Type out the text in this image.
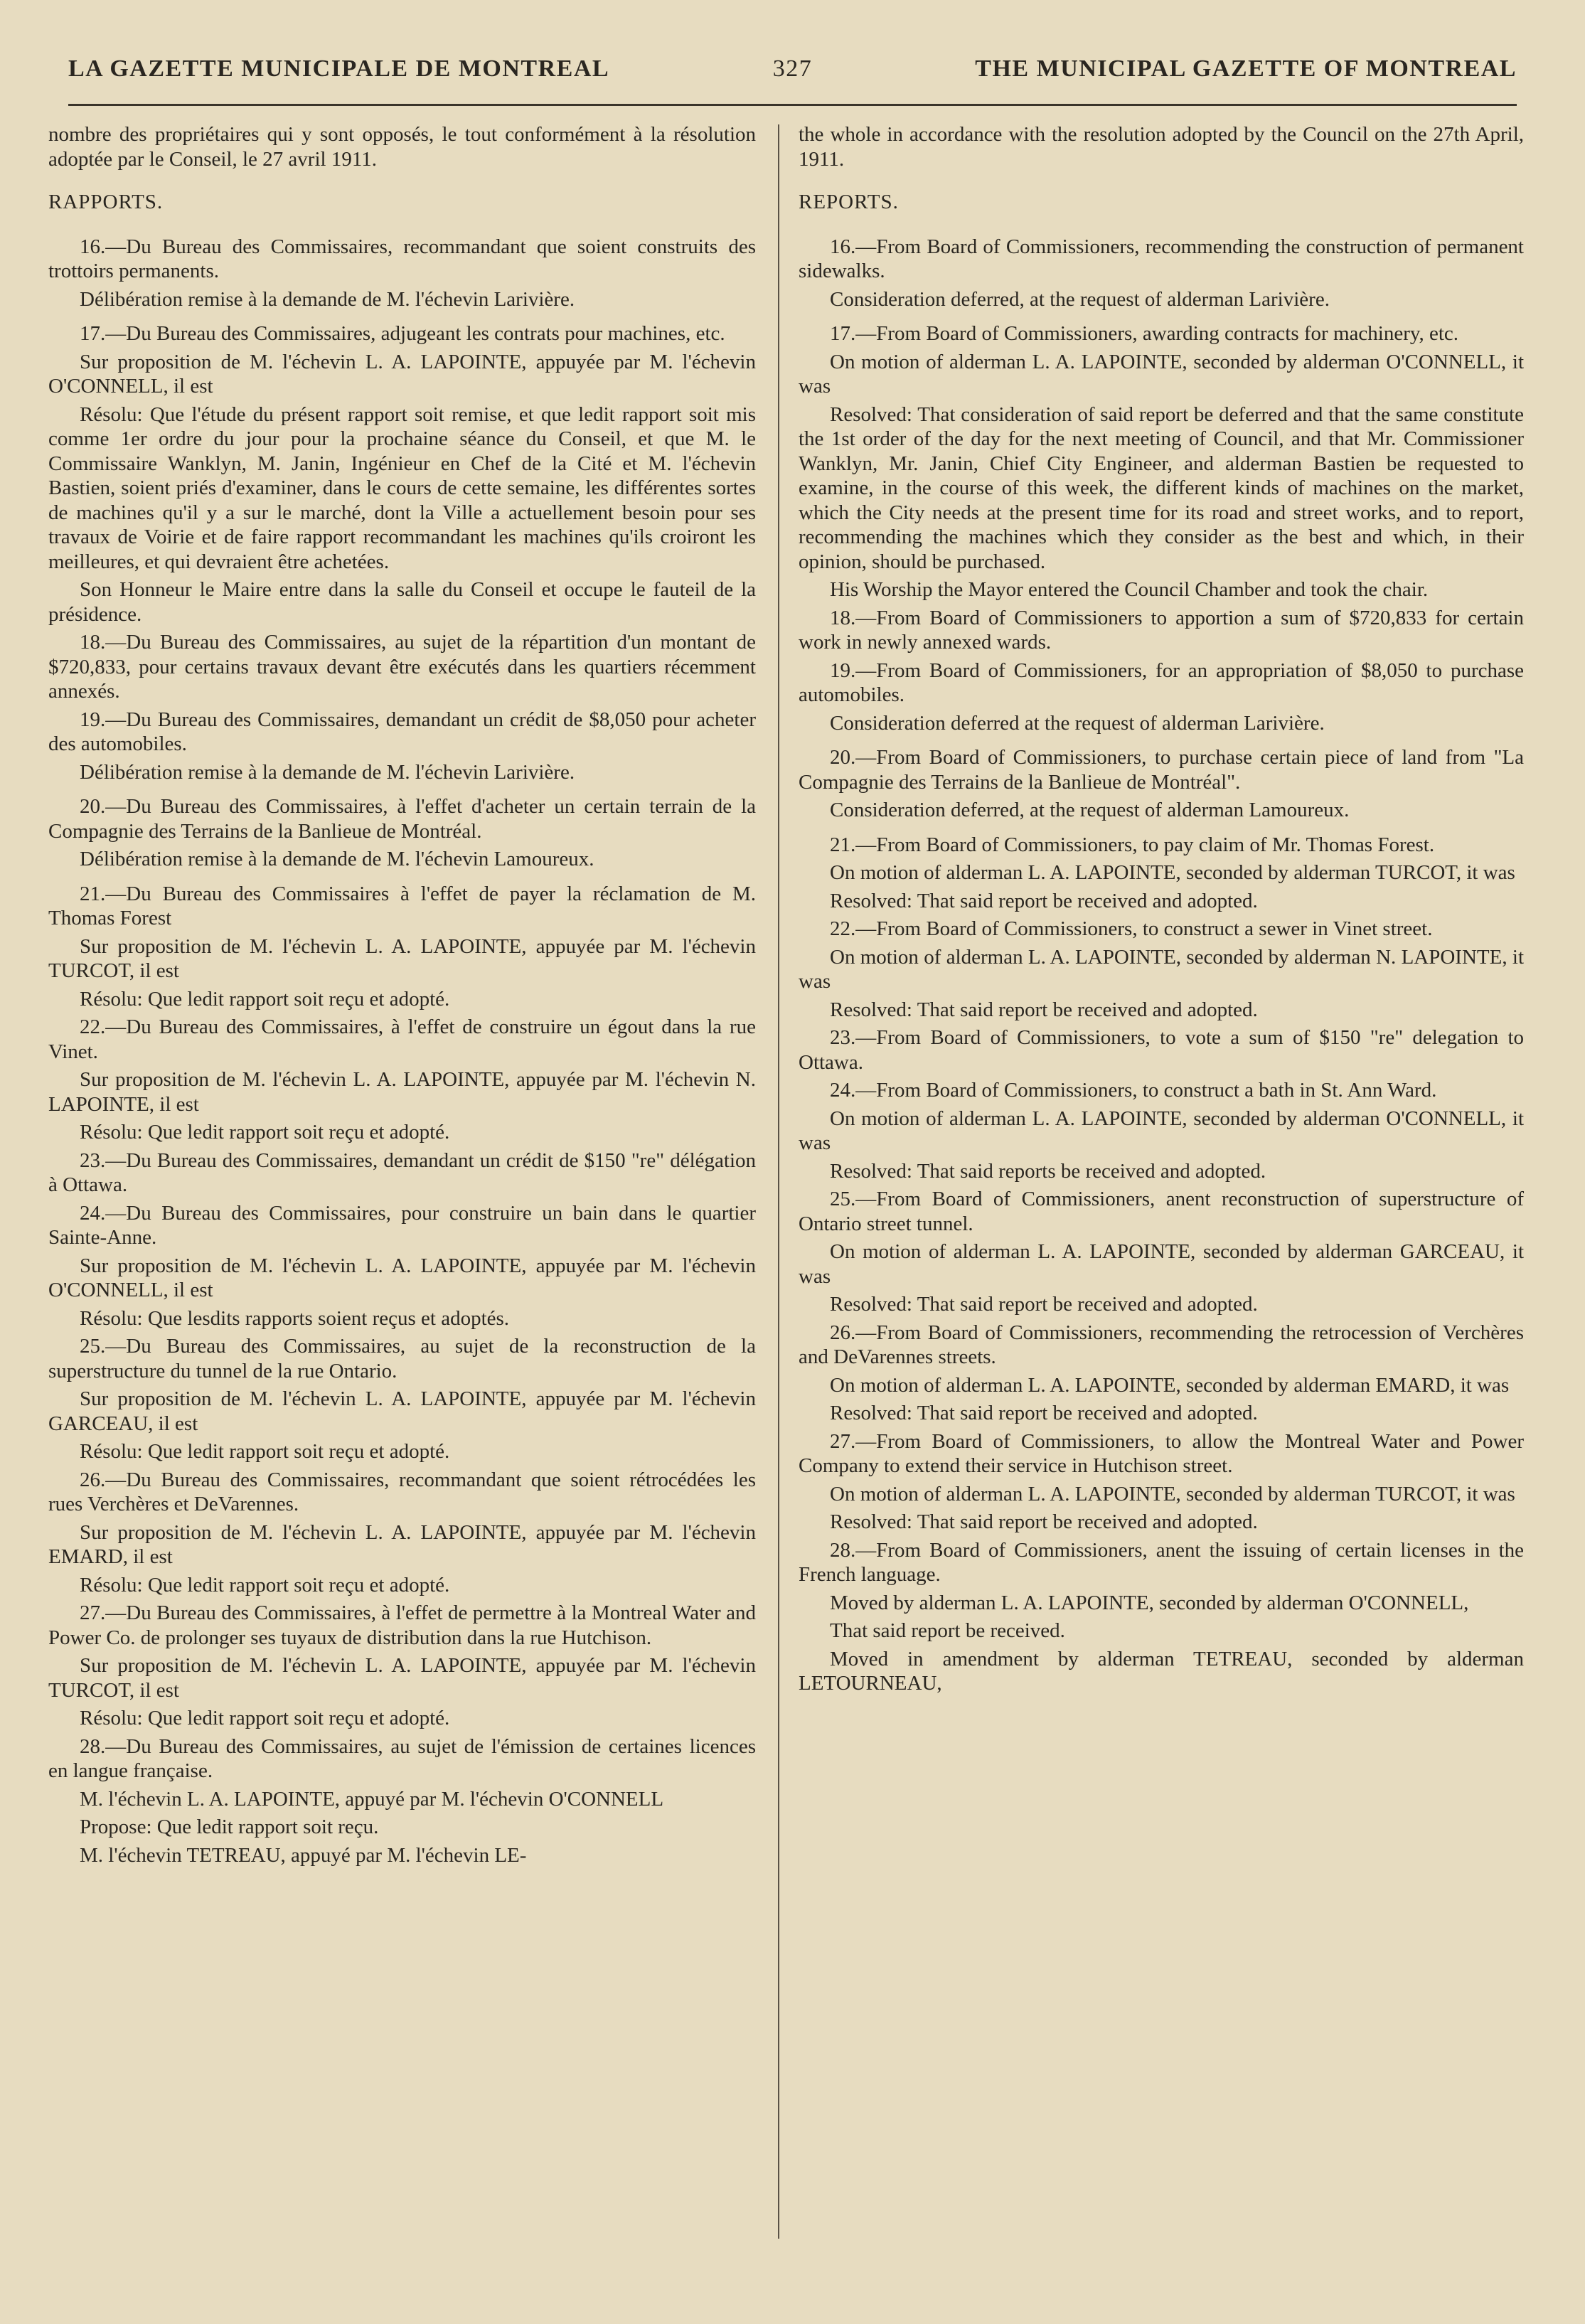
327
LA GAZETTE MUNICIPALE DE MONTREAL	THE MUNICIPAL GAZETTE OF MONTREAL

nombre des propriétaires qui y sont opposés, le tout conformément à la résolution adoptée par le Conseil, le 27 avril 1911.

RAPPORTS.

16.—Du Bureau des Commissaires, recommandant que soient construits des trottoirs permanents.

Délibération remise à la demande de M. l'échevin Larivière.

17.—Du Bureau des Commissaires, adjugeant les contrats pour machines, etc.

Sur proposition de M. l'échevin L. A. LAPOINTE, appuyée par M. l'échevin O'CONNELL, il est

Résolu: Que l'étude du présent rapport soit remise, et que ledit rapport soit mis comme 1er ordre du jour pour la prochaine séance du Conseil, et que M. le Commissaire Wanklyn, M. Janin, Ingénieur en Chef de la Cité et M. l'échevin Bastien, soient priés d'examiner, dans le cours de cette semaine, les différentes sortes de machines qu'il y a sur le marché, dont la Ville a actuellement besoin pour ses travaux de Voirie et de faire rapport recommandant les machines qu'ils croiront les meilleures, et qui devraient être achetées.

Son Honneur le Maire entre dans la salle du Conseil et occupe le fauteil de la présidence.

18.—Du Bureau des Commissaires, au sujet de la répartition d'un montant de $720,833, pour certains travaux devant être exécutés dans les quartiers récemment annexés.

19.—Du Bureau des Commissaires, demandant un crédit de $8,050 pour acheter des automobiles.

Délibération remise à la demande de M. l'échevin Larivière.

20.—Du Bureau des Commissaires, à l'effet d'acheter un certain terrain de la Compagnie des Terrains de la Banlieue de Montréal.

Délibération remise à la demande de M. l'échevin Lamoureux.

21.—Du Bureau des Commissaires à l'effet de payer la réclamation de M. Thomas Forest

Sur proposition de M. l'échevin L. A. LAPOINTE, appuyée par M. l'échevin TURCOT, il est

Résolu: Que ledit rapport soit reçu et adopté.

22.—Du Bureau des Commissaires, à l'effet de construire un égout dans la rue Vinet.

Sur proposition de M. l'échevin L. A. LAPOINTE, appuyée par M. l'échevin N. LAPOINTE, il est

Résolu: Que ledit rapport soit reçu et adopté.

23.—Du Bureau des Commissaires, demandant un crédit de $150 "re" délégation à Ottawa.

24.—Du Bureau des Commissaires, pour construire un bain dans le quartier Sainte-Anne.

Sur proposition de M. l'échevin L. A. LAPOINTE, appuyée par M. l'échevin O'CONNELL, il est

Résolu: Que lesdits rapports soient reçus et adoptés.

25.—Du Bureau des Commissaires, au sujet de la reconstruction de la superstructure du tunnel de la rue Ontario.

Sur proposition de M. l'échevin L. A. LAPOINTE, appuyée par M. l'échevin GARCEAU, il est

Résolu: Que ledit rapport soit reçu et adopté.

26.—Du Bureau des Commissaires, recommandant que soient rétrocédées les rues Verchères et DeVarennes.

Sur proposition de M. l'échevin L. A. LAPOINTE, appuyée par M. l'échevin EMARD, il est

Résolu: Que ledit rapport soit reçu et adopté.

27.—Du Bureau des Commissaires, à l'effet de permettre à la Montreal Water and Power Co. de prolonger ses tuyaux de distribution dans la rue Hutchison.

Sur proposition de M. l'échevin L. A. LAPOINTE, appuyée par M. l'échevin TURCOT, il est

Résolu: Que ledit rapport soit reçu et adopté.

28.—Du Bureau des Commissaires, au sujet de l'émission de certaines licences en langue française.

M. l'échevin L. A. LAPOINTE, appuyé par M. l'échevin O'CONNELL

Propose: Que ledit rapport soit reçu.

M. l'échevin TETREAU, appuyé par M. l'échevin LE-

the whole in accordance with the resolution adopted by the Council on the 27th April, 1911.

REPORTS.

16.—From Board of Commissioners, recommending the construction of permanent sidewalks.

Consideration deferred, at the request of alderman Larivière.

17.—From Board of Commissioners, awarding contracts for machinery, etc.

On motion of alderman L. A. LAPOINTE, seconded by alderman O'CONNELL, it was

Resolved: That consideration of said report be deferred and that the same constitute the 1st order of the day for the next meeting of Council, and that Mr. Commissioner Wanklyn, Mr. Janin, Chief City Engineer, and alderman Bastien be requested to examine, in the course of this week, the different kinds of machines on the market, which the City needs at the present time for its road and street works, and to report, recommending the machines which they consider as the best and which, in their opinion, should be purchased.

His Worship the Mayor entered the Council Chamber and took the chair.

18.—From Board of Commissioners to apportion a sum of $720,833 for certain work in newly annexed wards.

19.—From Board of Commissioners, for an appropriation of $8,050 to purchase automobiles.

Consideration deferred at the request of alderman Larivière.

20.—From Board of Commissioners, to purchase certain piece of land from "La Compagnie des Terrains de la Banlieue de Montréal".

Consideration deferred, at the request of alderman Lamoureux.

21.—From Board of Commissioners, to pay claim of Mr. Thomas Forest.

On motion of alderman L. A. LAPOINTE, seconded by alderman TURCOT, it was

Resolved: That said report be received and adopted.

22.—From Board of Commissioners, to construct a sewer in Vinet street.

On motion of alderman L. A. LAPOINTE, seconded by alderman N. LAPOINTE, it was

Resolved: That said report be received and adopted.

23.—From Board of Commissioners, to vote a sum of $150 "re" delegation to Ottawa.

24.—From Board of Commissioners, to construct a bath in St. Ann Ward.

On motion of alderman L. A. LAPOINTE, seconded by alderman O'CONNELL, it was

Resolved: That said reports be received and adopted.

25.—From Board of Commissioners, anent reconstruction of superstructure of Ontario street tunnel.

On motion of alderman L. A. LAPOINTE, seconded by alderman GARCEAU, it was

Resolved: That said report be received and adopted.

26.—From Board of Commissioners, recommending the retrocession of Verchères and DeVarennes streets.

On motion of alderman L. A. LAPOINTE, seconded by alderman EMARD, it was

Resolved: That said report be received and adopted.

27.—From Board of Commissioners, to allow the Montreal Water and Power Company to extend their service in Hutchison street.

On motion of alderman L. A. LAPOINTE, seconded by alderman TURCOT, it was

Resolved: That said report be received and adopted.

28.—From Board of Commissioners, anent the issuing of certain licenses in the French language.

Moved by alderman L. A. LAPOINTE, seconded by alderman O'CONNELL,

That said report be received.

Moved in amendment by alderman TETREAU, seconded by alderman LETOURNEAU,
